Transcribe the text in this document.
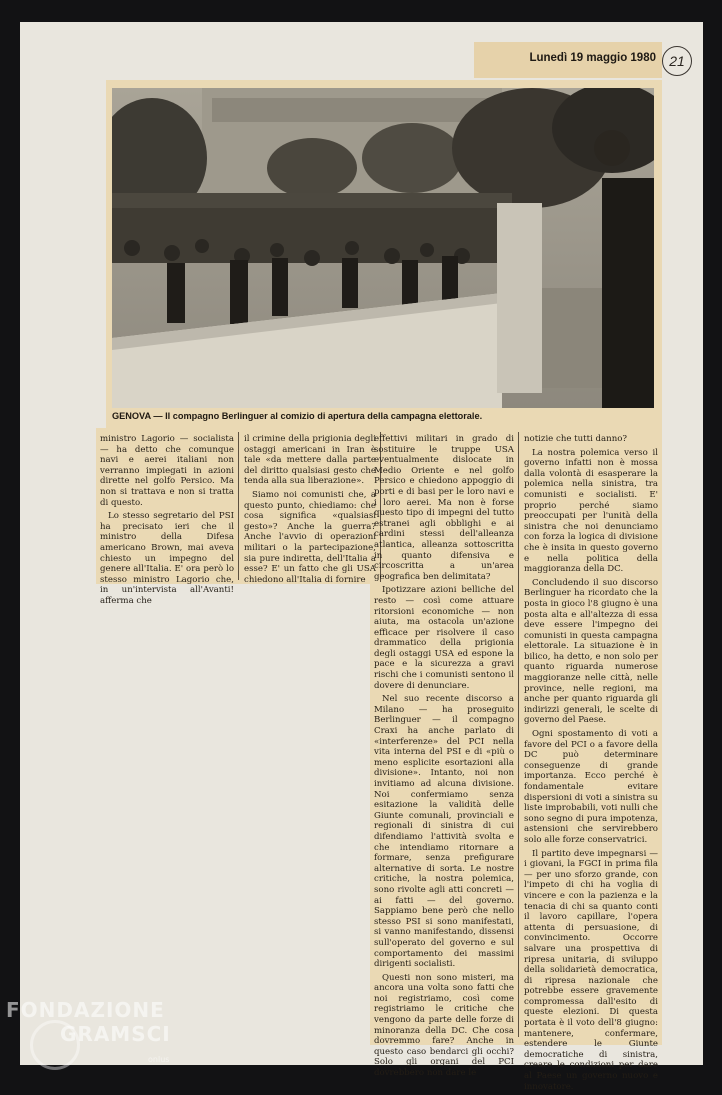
Lunedì 19 maggio 1980 21
GENOVA — Il compagno Berlinguer al comizio di apertura della campagna elettorale.

ministro Lagorio — socialista — ha detto che comunque navi e aerei italiani non verranno impiegati in azioni dirette nel golfo Persico. Ma non si trattava e non si tratta di questo.

Lo stesso segretario del PSI ha precisato ieri che il ministro della Difesa americano Brown, mai aveva chiesto un impegno del genere all'Italia. E' ora però lo stesso ministro Lagorio che, in un'intervista all'Avanti! afferma che

il crimine della prigionia degli ostaggi americani in Iran è tale «da mettere dalla parte del diritto qualsiasi gesto che tenda alla sua liberazione».

Siamo noi comunisti che, a questo punto, chiediamo: che cosa significa «qualsiasi gesto»? Anche la guerra? Anche l'avvio di operazioni militari o la partecipazione, sia pure indiretta, dell'Italia a esse? E' un fatto che gli USA chiedono all'Italia di fornire

effettivi militari in grado di sostituire le truppe USA eventualmente dislocate in Medio Oriente e nel golfo Persico e chiedono appoggio di porti e di basi per le loro navi e i loro aerei. Ma non è forse questo tipo di impegni del tutto estranei agli obblighi e ai cardini stessi dell'alleanza atlantica, alleanza sottoscritta in quanto difensiva e circoscritta a un'area geografica ben delimitata?

Ipotizzare azioni belliche del resto — così come attuare ritorsioni economiche — non aiuta, ma ostacola un'azione efficace per risolvere il caso drammatico della prigionia degli ostaggi USA ed espone la pace e la sicurezza a gravi rischi che i comunisti sentono il dovere di denunciare.

Nel suo recente discorso a Milano — ha proseguito Berlinguer — il compagno Craxi ha anche parlato di «interferenze» del PCI nella vita interna del PSI e di «più o meno esplicite esortazioni alla divisione». Intanto, noi non invitiamo ad alcuna divisione. Noi confermiamo senza esitazione la validità delle Giunte comunali, provinciali e regionali di sinistra di cui difendiamo l'attività svolta e che intendiamo ritornare a formare, senza prefigurare alternative di sorta. Le nostre critiche, la nostra polemica, sono rivolte agli atti concreti — ai fatti — del governo. Sappiamo bene però che nello stesso PSI si sono manifestati, si vanno manifestando, dissensi sull'operato del governo e sul comportamento dei massimi dirigenti socialisti.

Questi non sono misteri, ma ancora una volta sono fatti che noi registriamo, così come registriamo le critiche che vengono da parte delle forze di minoranza della DC. Che cosa dovremmo fare? Anche in questo caso bendarci gli occhi? Solo gli organi del PCI dovrebbero non dare le

notizie che tutti danno?

La nostra polemica verso il governo infatti non è mossa dalla volontà di esasperare la polemica nella sinistra, tra comunisti e socialisti. E' proprio perché siamo preoccupati per l'unità della sinistra che noi denunciamo con forza la logica di divisione che è insita in questo governo e nella politica della maggioranza della DC.

Concludendo il suo discorso Berlinguer ha ricordato che la posta in gioco l'8 giugno è una posta alta e all'altezza di essa deve essere l'impegno dei comunisti in questa campagna elettorale. La situazione è in bilico, ha detto, e non solo per quanto riguarda numerose maggioranze nelle città, nelle province, nelle regioni, ma anche per quanto riguarda gli indirizzi generali, le scelte di governo del Paese.

Ogni spostamento di voti a favore del PCI o a favore della DC può determinare conseguenze di grande importanza. Ecco perché è fondamentale evitare dispersioni di voti a sinistra su liste improbabili, voti nulli che sono segno di pura impotenza, astensioni che servirebbero solo alle forze conservatrici.

Il partito deve impegnarsi — i giovani, la FGCI in prima fila — per uno sforzo grande, con l'impeto di chi ha voglia di vincere e con la pazienza e la tenacia di chi sa quanto conti il lavoro capillare, l'opera attenta di persuasione, di convincimento. Occorre salvare una prospettiva di ripresa unitaria, di sviluppo della solidarietà democratica, di ripresa nazionale che potrebbe essere gravemente compromessa dall'esito di queste elezioni. Di questa portata è il voto dell'8 giugno: mantenere, confermare, estendere le Giunte democratiche di sinistra, creare le condizioni per dare al Paese un governo nuovo e innovatore.

FONDAZIONE
GRAMSCI
onlus
